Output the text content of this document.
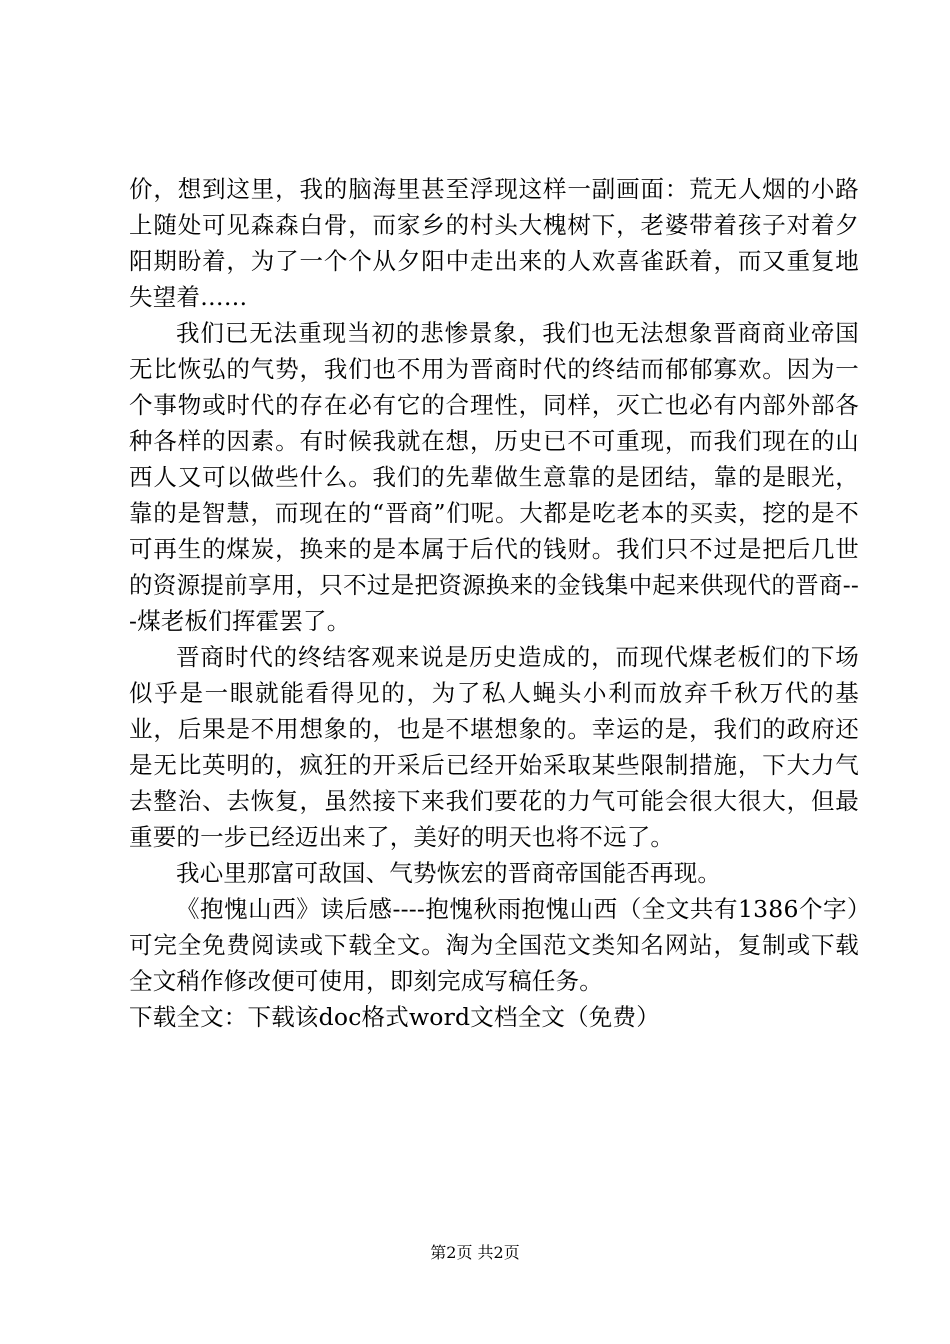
价，想到这里，我的脑海里甚至浮现这样一副画面：荒无人烟的小路上随处可见森森白骨，而家乡的村头大槐树下，老婆带着孩子对着夕阳期盼着，为了一个个从夕阳中走出来的人欢喜雀跃着，而又重复地失望着……

我们已无法重现当初的悲惨景象，我们也无法想象晋商商业帝国无比恢弘的气势，我们也不用为晋商时代的终结而郁郁寡欢。因为一个事物或时代的存在必有它的合理性，同样，灭亡也必有内部外部各种各样的因素。有时候我就在想，历史已不可重现，而我们现在的山西人又可以做些什么。我们的先辈做生意靠的是团结，靠的是眼光，靠的是智慧，而现在的“晋商”们呢。大都是吃老本的买卖，挖的是不可再生的煤炭，换来的是本属于后代的钱财。我们只不过是把后几世的资源提前享用，只不过是把资源换来的金钱集中起来供现代的晋商---煤老板们挥霍罢了。

晋商时代的终结客观来说是历史造成的，而现代煤老板们的下场似乎是一眼就能看得见的，为了私人蝇头小利而放弃千秋万代的基业，后果是不用想象的，也是不堪想象的。幸运的是，我们的政府还是无比英明的，疯狂的开采后已经开始采取某些限制措施，下大力气去整治、去恢复，虽然接下来我们要花的力气可能会很大很大，但最重要的一步已经迈出来了，美好的明天也将不远了。

我心里那富可敌国、气势恢宏的晋商帝国能否再现。

《抱愧山西》读后感----抱愧秋雨抱愧山西（全文共有1386个字）可完全免费阅读或下载全文。淘为全国范文类知名网站，复制或下载全文稍作修改便可使用，即刻完成写稿任务。

下载全文：下载该doc格式word文档全文（免费）

第2页 共2页
